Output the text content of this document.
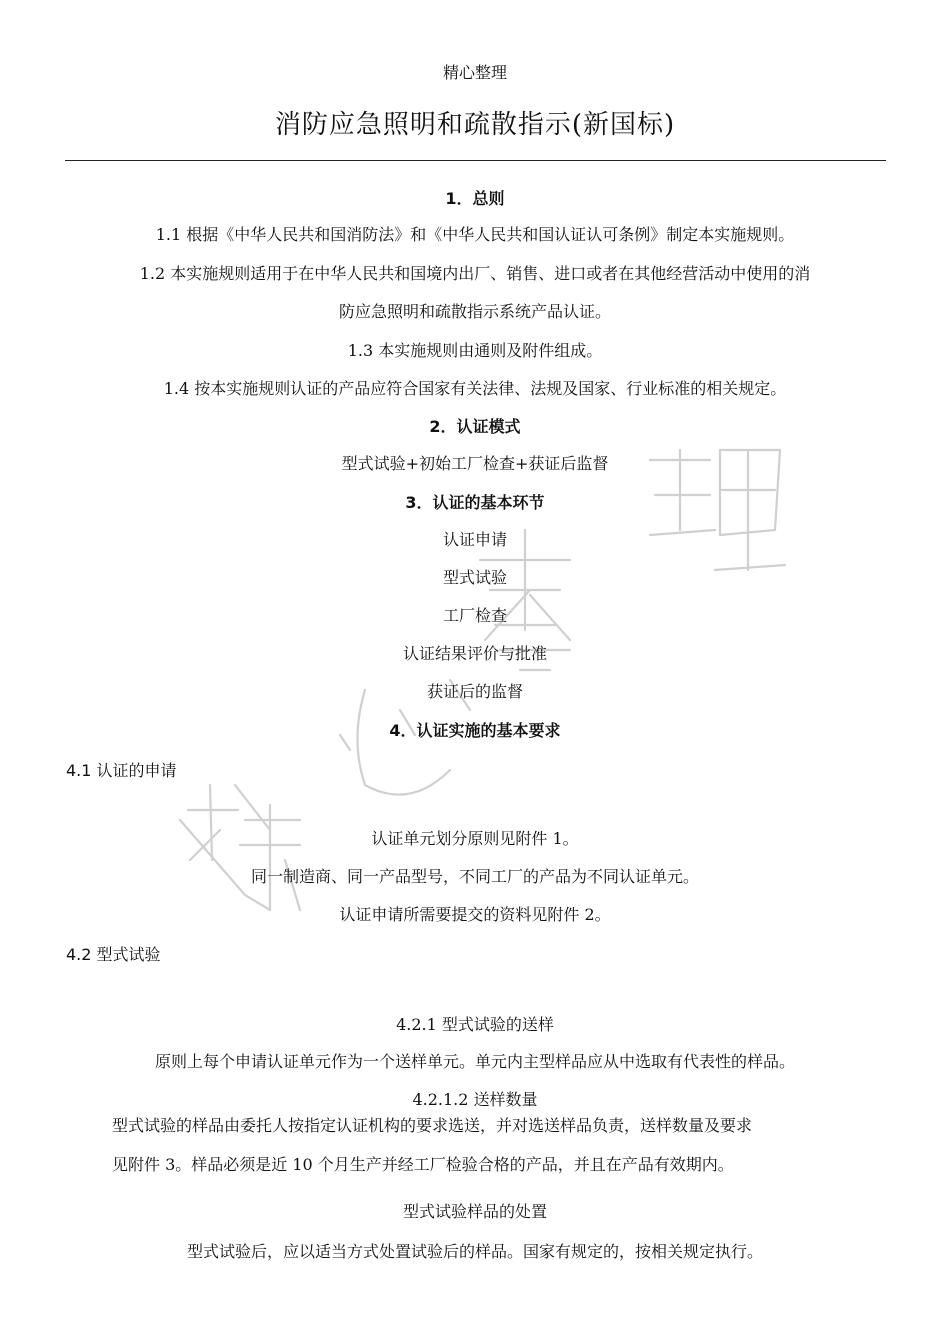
精心整理
消防应急照明和疏散指示(新国标)
1．总则
1.1 根据《中华人民共和国消防法》和《中华人民共和国认证认可条例》制定本实施规则。
1.2 本实施规则适用于在中华人民共和国境内出厂、销售、进口或者在其他经营活动中使用的消
防应急照明和疏散指示系统产品认证。
1.3 本实施规则由通则及附件组成。
1.4 按本实施规则认证的产品应符合国家有关法律、法规及国家、行业标准的相关规定。
2．认证模式
型式试验+初始工厂检查+获证后监督
3．认证的基本环节
认证申请
型式试验
工厂检查
认证结果评价与批准
获证后的监督
4．认证实施的基本要求
4.1 认证的申请
认证单元划分原则见附件 1。
同一制造商、同一产品型号，不同工厂的产品为不同认证单元。
认证申请所需要提交的资料见附件 2。
4.2 型式试验
4.2.1 型式试验的送样
原则上每个申请认证单元作为一个送样单元。单元内主型样品应从中选取有代表性的样品。
4.2.1.2 送样数量
型式试验的样品由委托人按指定认证机构的要求选送，并对选送样品负责，送样数量及要求
见附件 3。样品必须是近 10 个月生产并经工厂检验合格的产品，并且在产品有效期内。
型式试验样品的处置
型式试验后，应以适当方式处置试验后的样品。国家有规定的，按相关规定执行。
